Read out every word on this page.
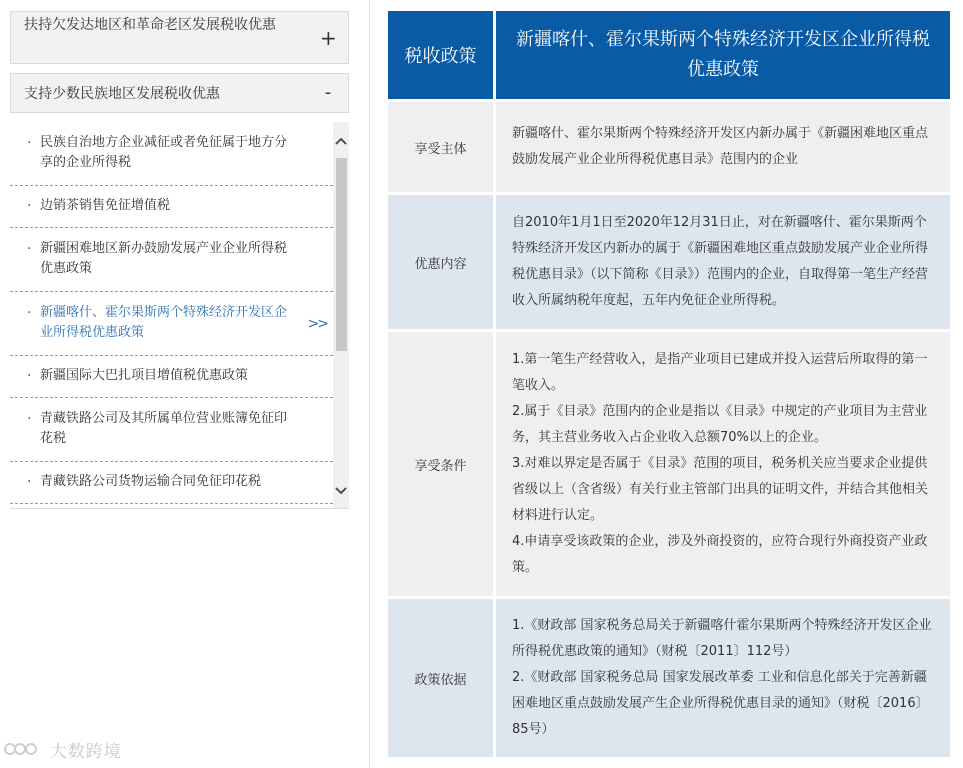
扶持欠发达地区和革命老区发展税收优惠
+
支持少数民族地区发展税收优惠	-
· 民族自治地方企业减征或者免征属于地方分享的企业所得税
· 边销茶销售免征增值税
· 新疆困难地区新办鼓励发展产业企业所得税优惠政策
· 新疆喀什、霍尔果斯两个特殊经济开发区企业所得税优惠政策
>>
· 新疆国际大巴扎项目增值税优惠政策
· 青藏铁路公司及其所属单位营业账簿免征印花税
· 青藏铁路公司货物运输合同免征印花税
大数跨境
税收政策
新疆喀什、霍尔果斯两个特殊经济开发区企业所得税优惠政策
享受主体

新疆喀什、霍尔果斯两个特殊经济开发区内新办属于《新疆困难地区重点鼓励发展产业企业所得税优惠目录》范围内的企业

优惠内容

自2010年1月1日至2020年12月31日止，对在新疆喀什、霍尔果斯两个特殊经济开发区内新办的属于《新疆困难地区重点鼓励发展产业企业所得税优惠目录》（以下简称《目录》）范围内的企业，自取得第一笔生产经营收入所属纳税年度起，五年内免征企业所得税。

享受条件

1.第一笔生产经营收入，是指产业项目已建成并投入运营后所取得的第一笔收入。

2.属于《目录》范围内的企业是指以《目录》中规定的产业项目为主营业务，其主营业务收入占企业收入总额70%以上的企业。

3.对难以界定是否属于《目录》范围的项目，税务机关应当要求企业提供省级以上（含省级）有关行业主管部门出具的证明文件，并结合其他相关材料进行认定。

4.申请享受该政策的企业，涉及外商投资的，应符合现行外商投资产业政策。

政策依据

1.《财政部 国家税务总局关于新疆喀什霍尔果斯两个特殊经济开发区企业所得税优惠政策的通知》（财税〔2011〕112号）

2.《财政部 国家税务总局 国家发展改革委 工业和信息化部关于完善新疆困难地区重点鼓励发展产生企业所得税优惠目录的通知》（财税〔2016〕85号）
